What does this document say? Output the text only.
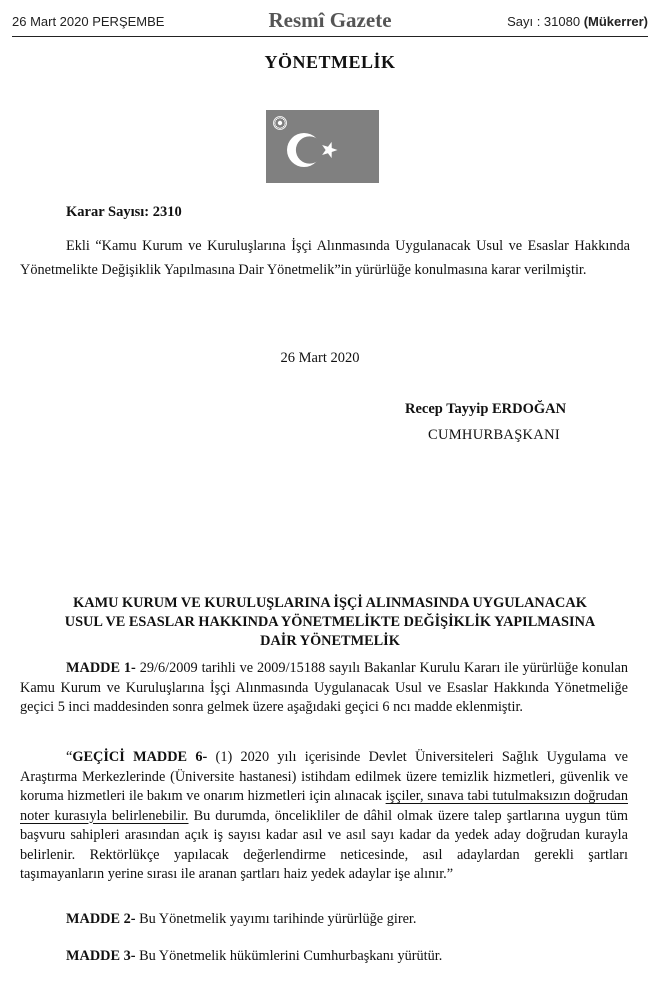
26 Mart 2020 PERŞEMBE	Resmî Gazete	Sayı : 31080 (Mükerrer)
YÖNETMELİK
Karar Sayısı: 2310
Ekli “Kamu Kurum ve Kuruluşlarına İşçi Alınmasında Uygulanacak Usul ve Esaslar Hakkında Yönetmelikte Değişiklik Yapılmasına Dair Yönetmelik”in yürürlüğe konulmasına karar verilmiştir.
26 Mart 2020
Recep Tayyip ERDOĞAN
CUMHURBAŞKANI
KAMU KURUM VE KURULUŞLARINA İŞÇİ ALINMASINDA UYGULANACAK
USUL VE ESASLAR HAKKINDA YÖNETMELİKTE DEĞİŞİKLİK YAPILMASINA
DAİR YÖNETMELİK
MADDE 1- 29/6/2009 tarihli ve 2009/15188 sayılı Bakanlar Kurulu Kararı ile yürürlüğe konulan Kamu Kurum ve Kuruluşlarına İşçi Alınmasında Uygulanacak Usul ve Esaslar Hakkında Yönetmeliğe geçici 5 inci maddesinden sonra gelmek üzere aşağıdaki geçici 6 ncı madde eklenmiştir.
“GEÇİCİ MADDE 6- (1) 2020 yılı içerisinde Devlet Üniversiteleri Sağlık Uygulama ve Araştırma Merkezlerinde (Üniversite hastanesi) istihdam edilmek üzere temizlik hizmetleri, güvenlik ve koruma hizmetleri ile bakım ve onarım hizmetleri için alınacak işçiler, sınava tabi tutulmaksızın doğrudan noter kurasıyla belirlenebilir. Bu durumda, öncelikliler de dâhil olmak üzere talep şartlarına uygun tüm başvuru sahipleri arasından açık iş sayısı kadar asıl ve asıl sayı kadar da yedek aday doğrudan kurayla belirlenir. Rektörlükçe yapılacak değerlendirme neticesinde, asıl adaylardan gerekli şartları taşımayanların yerine sırası ile aranan şartları haiz yedek adaylar işe alınır.”
MADDE 2- Bu Yönetmelik yayımı tarihinde yürürlüğe girer.
MADDE 3- Bu Yönetmelik hükümlerini Cumhurbaşkanı yürütür.
